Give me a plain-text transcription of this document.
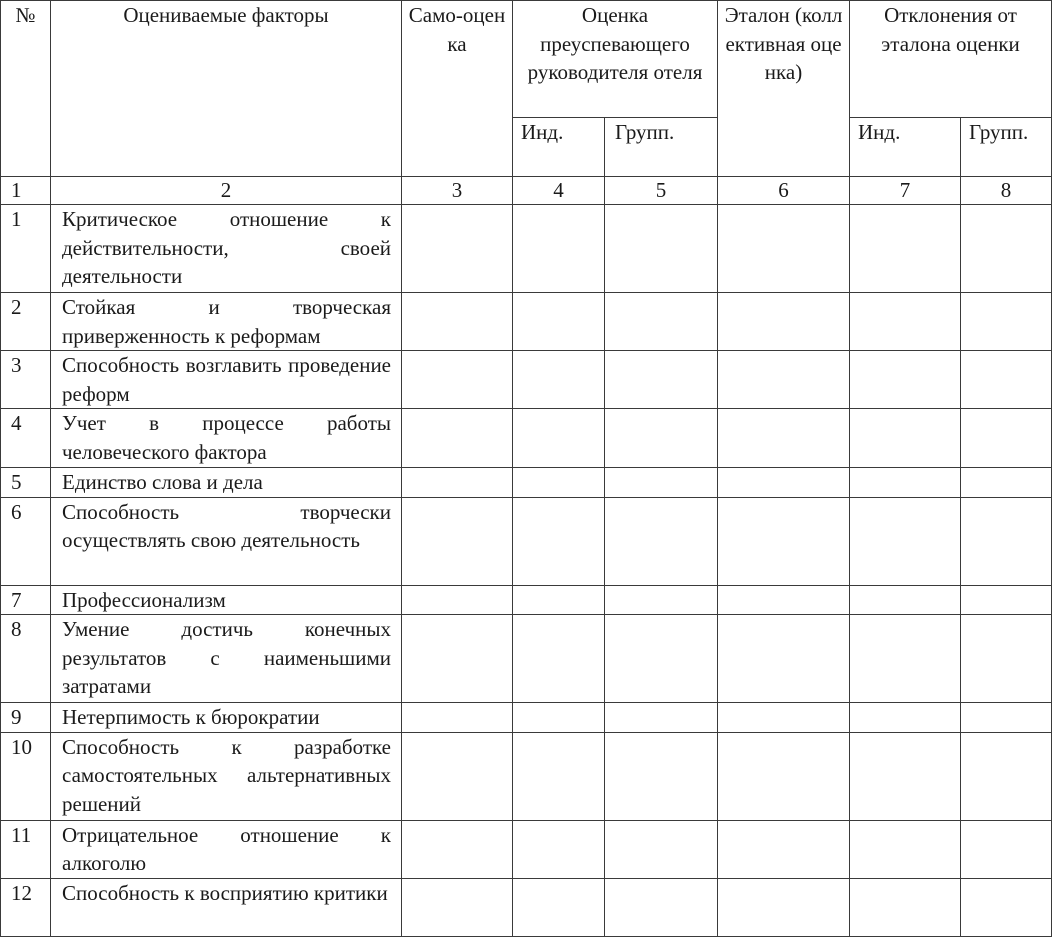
№	Оцениваемые факторы	Само-оценка	Оценка преуспевающего руководителя отеля		Эталон (коллективная оценка)	Отклонения от эталона оценки	
			Инд.	Групп.		Инд.	Групп.
1	2	3	4	5	6	7	8
1	Критическое отношение к действительности, своей деятельности						
2	Стойкая и творческая приверженность к реформам						
3	Способность возглавить проведение реформ						
4	Учет в процессе работы человеческого фактора						
5	Единство слова и дела						
6	Способность творчески осуществлять свою деятельность						
7	Профессионализм						
8	Умение достичь конечных результатов с наименьшими затратами						
9	Нетерпимость к бюрократии						
10	Способность к разработке самостоятельных альтернативных решений						
11	Отрицательное отношение к алкоголю						
12	Способность к восприятию критики						
